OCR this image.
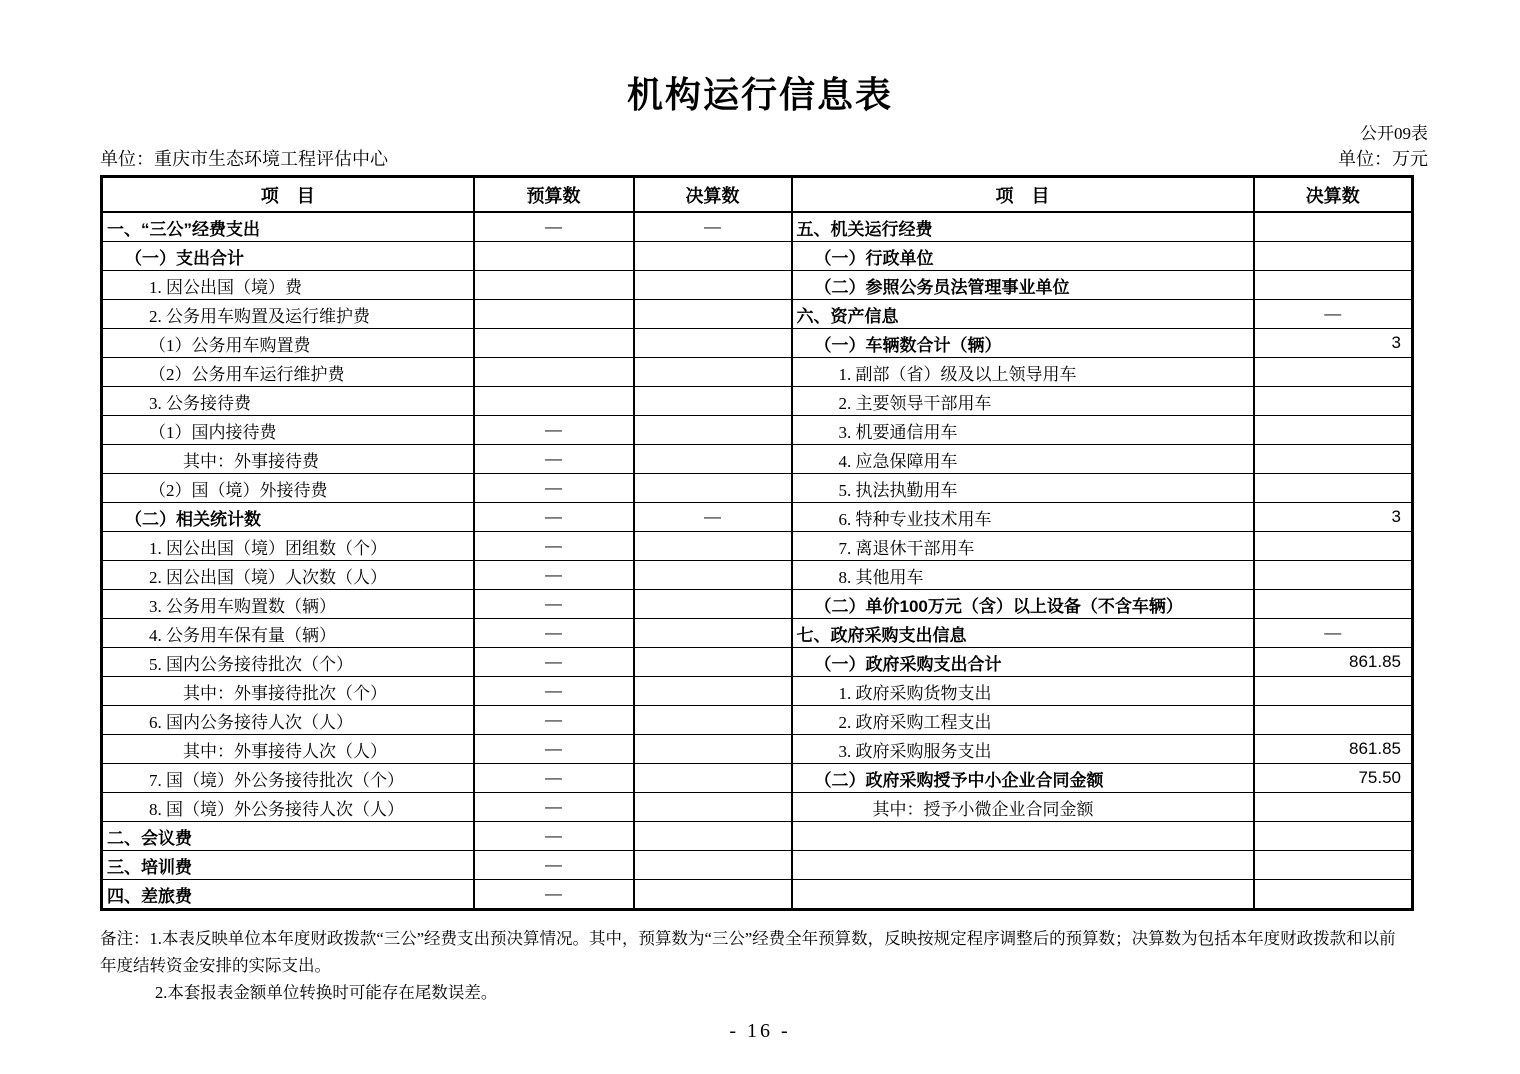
机构运行信息表
公开09表
单位：重庆市生态环境工程评估中心	单位：万元
项　目	预算数	决算数	项　目	决算数
一、“三公”经费支出	—	—	五、机关运行经费	
（一）支出合计			（一）行政单位	
1. 因公出国（境）费			（二）参照公务员法管理事业单位	
2. 公务用车购置及运行维护费			六、资产信息	—
（1）公务用车购置费			（一）车辆数合计（辆）	3
（2）公务用车运行维护费			1. 副部（省）级及以上领导用车	
3. 公务接待费			2. 主要领导干部用车	
（1）国内接待费	—		3. 机要通信用车	
其中：外事接待费	—		4. 应急保障用车	
（2）国（境）外接待费	—		5. 执法执勤用车	
（二）相关统计数	—	—	6. 特种专业技术用车	3
1. 因公出国（境）团组数（个）	—		7. 离退休干部用车	
2. 因公出国（境）人次数（人）	—		8. 其他用车	
3. 公务用车购置数（辆）	—		（二）单价100万元（含）以上设备（不含车辆）	
4. 公务用车保有量（辆）	—		七、政府采购支出信息	—
5. 国内公务接待批次（个）	—		（一）政府采购支出合计	861.85
其中：外事接待批次（个）	—		1. 政府采购货物支出	
6. 国内公务接待人次（人）	—		2. 政府采购工程支出	
其中：外事接待人次（人）	—		3. 政府采购服务支出	861.85
7. 国（境）外公务接待批次（个）	—		（二）政府采购授予中小企业合同金额	75.50
8. 国（境）外公务接待人次（人）	—		其中：授予小微企业合同金额	
二、会议费	—			
三、培训费	—			
四、差旅费	—			
备注：1.本表反映单位本年度财政拨款“三公”经费支出预决算情况。其中，预算数为“三公”经费全年预算数，反映按规定程序调整后的预算数；决算数为包括本年度财政拨款和以前年度结转资金安排的实际支出。
2.本套报表金额单位转换时可能存在尾数误差。
- 16 -
